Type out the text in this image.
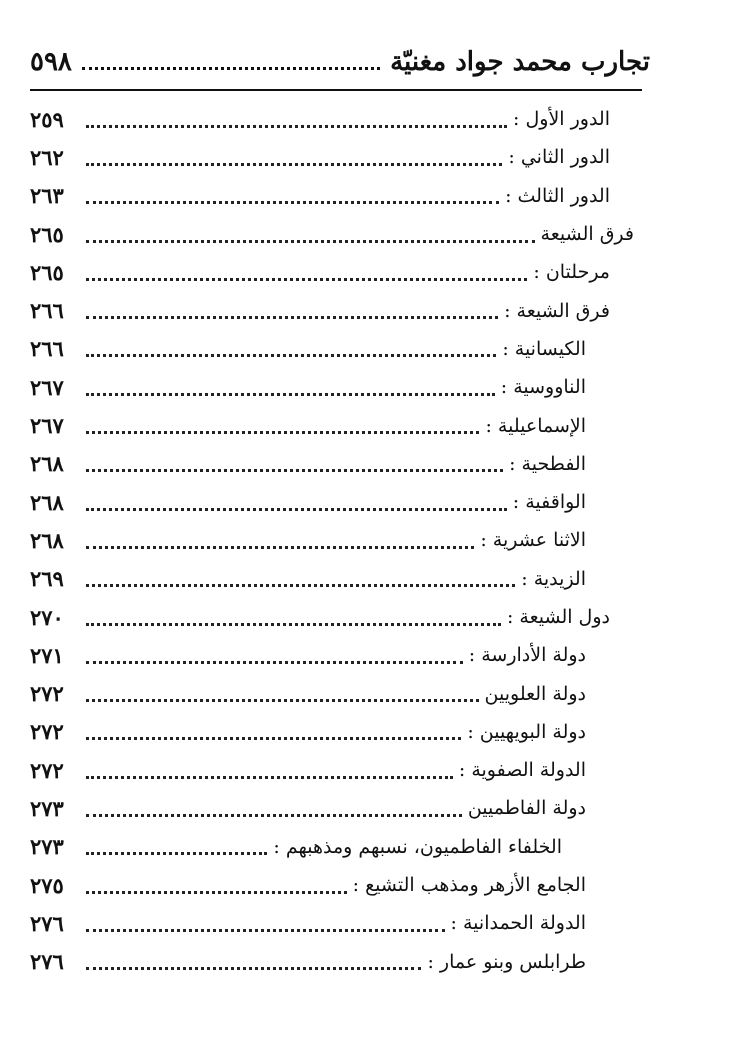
تجارب محمد جواد مغنيّة
٥٩٨
الدور الأول :
٢٥٩
الدور الثاني :
٢٦٢
الدور الثالث :
٢٦٣
فرق الشيعة
٢٦٥
مرحلتان :
٢٦٥
فرق الشيعة :
٢٦٦
الكيسانية :
٢٦٦
الناووسية :
٢٦٧
الإسماعيلية :
٢٦٧
الفطحية :
٢٦٨
الواقفية :
٢٦٨
الاثنا عشرية :
٢٦٨
الزيدية :
٢٦٩
دول الشيعة :
٢٧٠
دولة الأدارسة :
٢٧١
دولة العلويين
٢٧٢
دولة البويهيين :
٢٧٢
الدولة الصفوية :
٢٧٢
دولة الفاطميين
٢٧٣
الخلفاء الفاطميون، نسبهم ومذهبهم :
٢٧٣
الجامع الأزهر ومذهب التشيع :
٢٧٥
الدولة الحمدانية :
٢٧٦
طرابلس وبنو عمار :
٢٧٦
